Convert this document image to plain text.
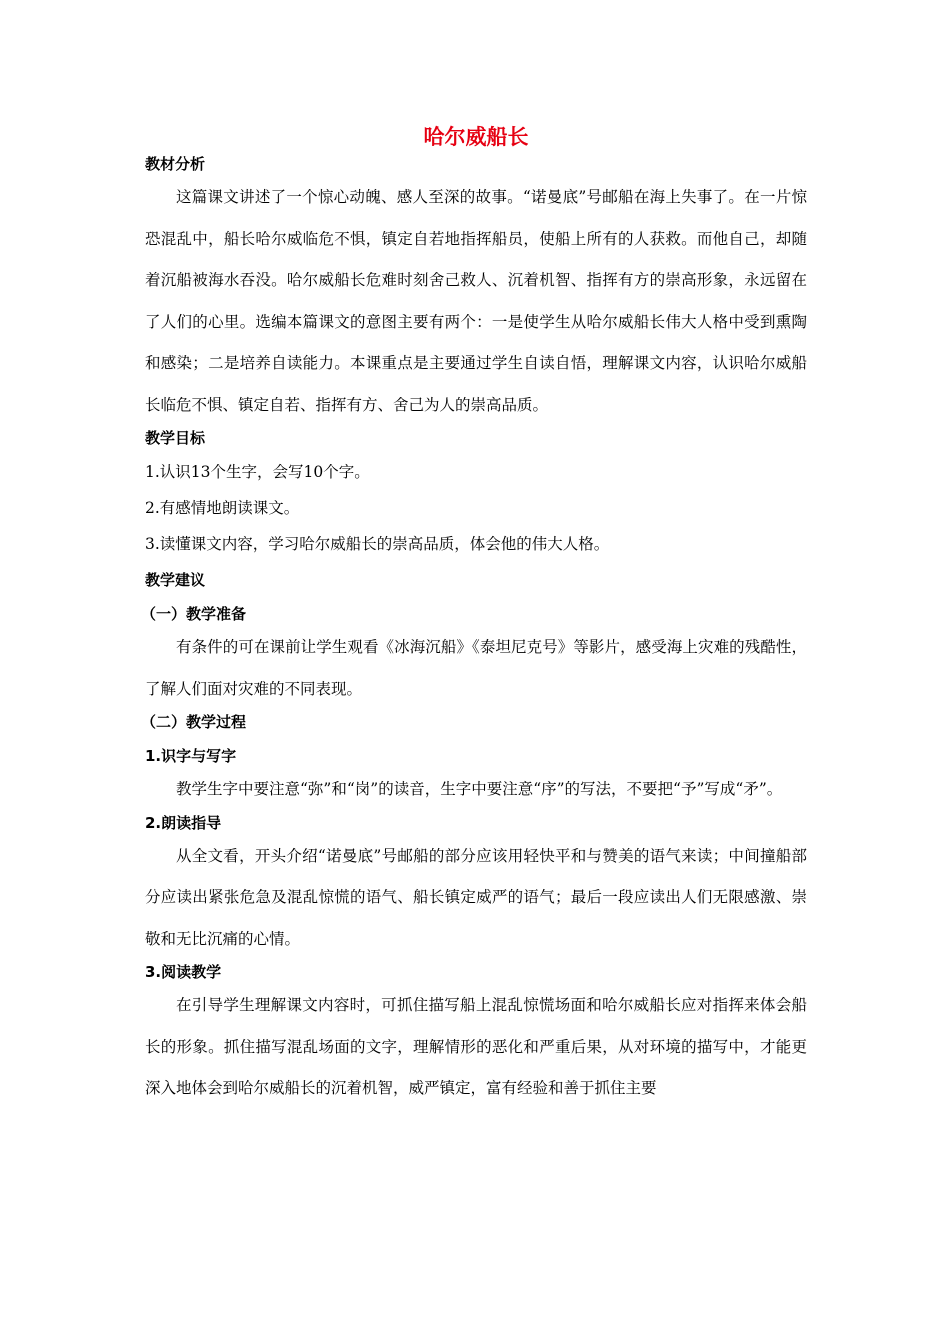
哈尔威船长
教材分析

这篇课文讲述了一个惊心动魄、感人至深的故事。“诺曼底”号邮船在海上失事了。在一片惊恐混乱中，船长哈尔威临危不惧，镇定自若地指挥船员，使船上所有的人获救。而他自己，却随着沉船被海水吞没。哈尔威船长危难时刻舍己救人、沉着机智、指挥有方的崇高形象，永远留在了人们的心里。选编本篇课文的意图主要有两个：一是使学生从哈尔威船长伟大人格中受到熏陶和感染；二是培养自读能力。本课重点是主要通过学生自读自悟，理解课文内容，认识哈尔威船长临危不惧、镇定自若、指挥有方、舍己为人的崇高品质。

教学目标
1.认识13个生字，会写10个字。
2.有感情地朗读课文。
3.读懂课文内容，学习哈尔威船长的崇高品质，体会他的伟大人格。
教学建议
（一）教学准备

有条件的可在课前让学生观看《冰海沉船》《泰坦尼克号》等影片，感受海上灾难的残酷性，了解人们面对灾难的不同表现。

（二）教学过程
1.识字与写字

教学生字中要注意“弥”和“岗”的读音，生字中要注意“序”的写法，不要把“予”写成“矛”。

2.朗读指导

从全文看，开头介绍“诺曼底”号邮船的部分应该用轻快平和与赞美的语气来读；中间撞船部分应读出紧张危急及混乱惊慌的语气、船长镇定威严的语气；最后一段应读出人们无限感激、崇敬和无比沉痛的心情。

3.阅读教学

在引导学生理解课文内容时，可抓住描写船上混乱惊慌场面和哈尔威船长应对指挥来体会船长的形象。抓住描写混乱场面的文字，理解情形的恶化和严重后果，从对环境的描写中，才能更深入地体会到哈尔威船长的沉着机智，威严镇定，富有经验和善于抓住主要
